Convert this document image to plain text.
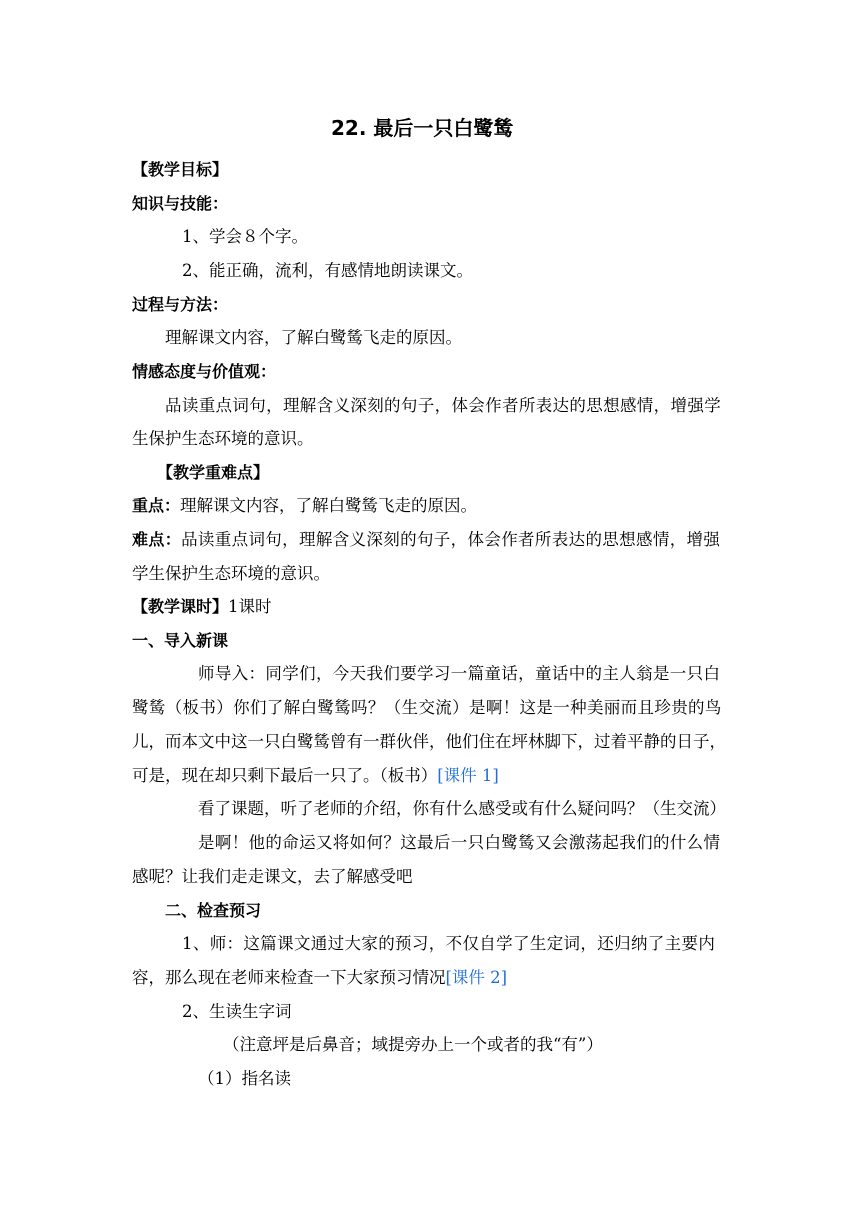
22. 最后一只白鹭鸶
【教学目标】
知识与技能：
1、学会８个字。
2、能正确，流利，有感情地朗读课文。
过程与方法：
理解课文内容，了解白鹭鸶飞走的原因。
情感态度与价值观：
品读重点词句，理解含义深刻的句子，体会作者所表达的思想感情，增强学
生保护生态环境的意识。
【教学重难点】
重点：理解课文内容，了解白鹭鸶飞走的原因。
难点：品读重点词句，理解含义深刻的句子，体会作者所表达的思想感情，增强
学生保护生态环境的意识。
【教学课时】1课时
一、导入新课
师导入：同学们，今天我们要学习一篇童话，童话中的主人翁是一只白
鹭鸶（板书）你们了解白鹭鸶吗？（生交流）是啊！这是一种美丽而且珍贵的鸟
儿，而本文中这一只白鹭鸶曾有一群伙伴，他们住在坪林脚下，过着平静的日子，
可是，现在却只剩下最后一只了。（板书）[课件 1]
看了课题，听了老师的介绍，你有什么感受或有什么疑问吗？（生交流）
是啊！他的命运又将如何？这最后一只白鹭鸶又会激荡起我们的什么情
感呢？让我们走走课文，去了解感受吧
二、检查预习
1、师：这篇课文通过大家的预习，不仅自学了生定词，还归纳了主要内
容，那么现在老师来检查一下大家预习情况[课件 2]
2、生读生字词
（注意坪是后鼻音；域提旁办上一个或者的我“有”）
（1）指名读
